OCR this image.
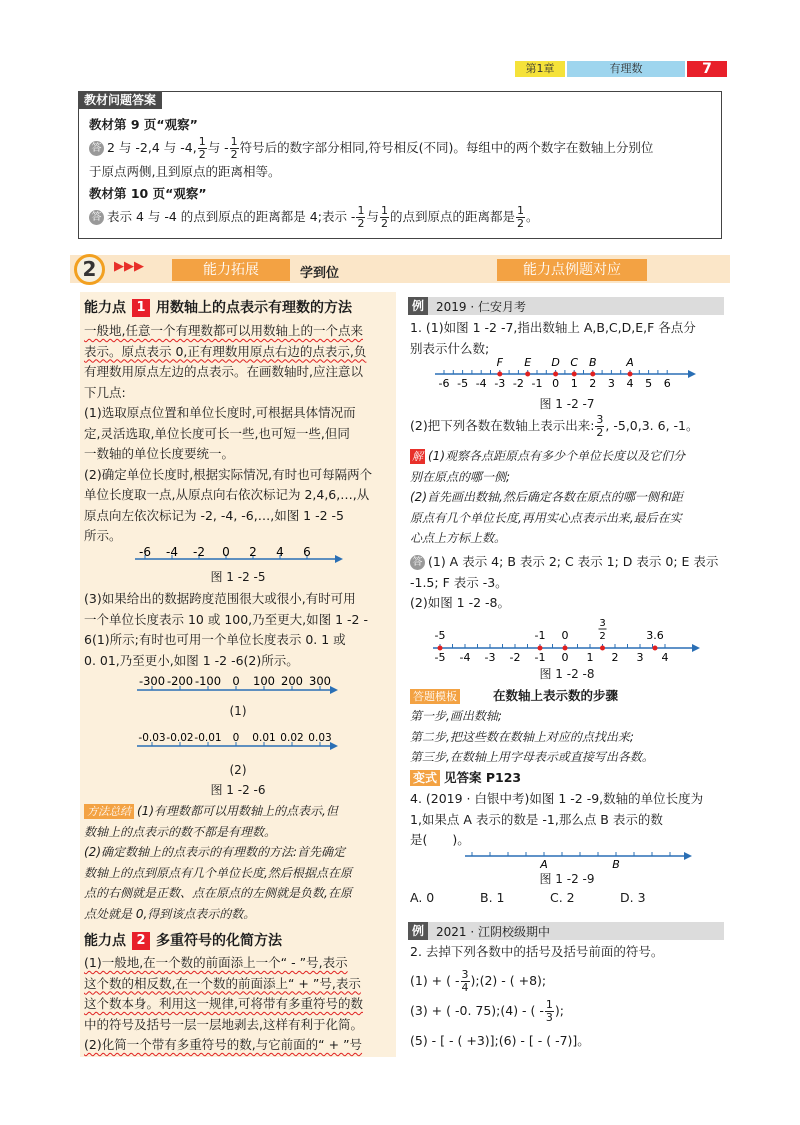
第1章	有理数	7
教材问题答案
教材第 9 页“观察”
答 2 与 -2,4 与 -4, $\frac{1}{2}$ 与 - $\frac{1}{2}$ 符号后的数字部分相同,符号相反(不同)。每组中的两个数字在数轴上分别位
于原点两侧,且到原点的距离相等。
教材第 10 页“观察”
答 表示 4 与 -4 的点到原点的距离都是 4;表示 - $\frac{1}{2}$ 与 $\frac{1}{2}$ 的点到原点的距离都是 $\frac{1}{2}$ 。
2	▶▶▶	能力拓展	学到位	能力点例题对应
能力点 1 用数轴上的点表示有理数的方法
一般地,任意一个有理数都可以用数轴上的一个点来
表示。原点表示 0,正有理数用原点右边的点表示,负
有理数用原点左边的点表示。在画数轴时,应注意以
下几点:
(1)选取原点位置和单位长度时,可根据具体情况而
定,灵活选取,单位长度可长一些,也可短一些,但同
一数轴的单位长度要统一。
(2)确定单位长度时,根据实际情况,有时也可每隔两个
单位长度取一点,从原点向右依次标记为 2,4,6,…,从
原点向左依次标记为 -2, -4, -6,…,如图 1 -2 -5
所示。
-6 -4 -2 0 2 4 6
图 1 -2 -5
(3)如果给出的数据跨度范围很大或很小,有时可用
一个单位长度表示 10 或 100,乃至更大,如图 1 -2 -
6(1)所示;有时也可用一个单位长度表示 0. 1 或
0. 01,乃至更小,如图 1 -2 -6(2)所示。
-300 -200 -100 0 100 200 300
(1)
-0.03 -0.02 -0.01 0 0.01 0.02 0.03
(2)
图 1 -2 -6
方法总结 (1)有理数都可以用数轴上的点表示,但
数轴上的点表示的数不都是有理数。
(2)确定数轴上的点表示的有理数的方法:首先确定
数轴上的点到原点有几个单位长度,然后根据点在原
点的右侧就是正数、点在原点的左侧就是负数,在原
点处就是 0,得到该点表示的数。
能力点 2 多重符号的化简方法
(1)一般地,在一个数的前面添上一个“ - ”号,表示
这个数的相反数,在一个数的前面添上“ + ”号,表示
这个数本身。利用这一规律,可将带有多重符号的数
中的符号及括号一层一层地剥去,这样有利于化简。
(2)化简一个带有多重符号的数,与它前面的“ + ”号
例	2019 · 仁安月考
1. (1)如图 1 -2 -7,指出数轴上 A,B,C,D,E,F 各点分
别表示什么数;
-6 -5 -4 -3 -2 -1 0 1 2 3 4 5 6
F E D C B	A
图 1 -2 -7
(2)把下列各数在数轴上表示出来: $\frac{3}{2}$ , -5,0,3. 6, -1。
解 (1)观察各点距原点有多少个单位长度以及它们分
别在原点的哪一侧;
(2)首先画出数轴,然后确定各数在原点的哪一侧和距
原点有几个单位长度,再用实心点表示出来,最后在实
心点上方标上数。
答 (1) A 表示 4; B 表示 2; C 表示 1; D 表示 0; E 表示
-1.5; F 表示 -3。
(2)如图 1 -2 -8。
-5 -4 -3 -2 -1 0 1 2 3 4
-5	-1 0	3.6
3
2
图 1 -2 -8
答题模板	在数轴上表示数的步骤
第一步,画出数轴;
第二步,把这些数在数轴上对应的点找出来;
第三步,在数轴上用字母表示或直接写出各数。
变式 见答案 P123
4. (2019 · 白银中考)如图 1 -2 -9,数轴的单位长度为
1,如果点 A 表示的数是 -1,那么点 B 表示的数
是(　　)。
A	B
图 1 -2 -9
A. 0	B. 1	C. 2	D. 3
例	2021 · 江阴校级期中
2. 去掉下列各数中的括号及括号前面的符号。
(1) + ( - $\frac{3}{4}$ );(2) - ( +8);
(3) + ( -0. 75);(4) - ( - $\frac{1}{3}$ );
(5) - [ - ( +3)];(6) - [ - ( -7)]。
